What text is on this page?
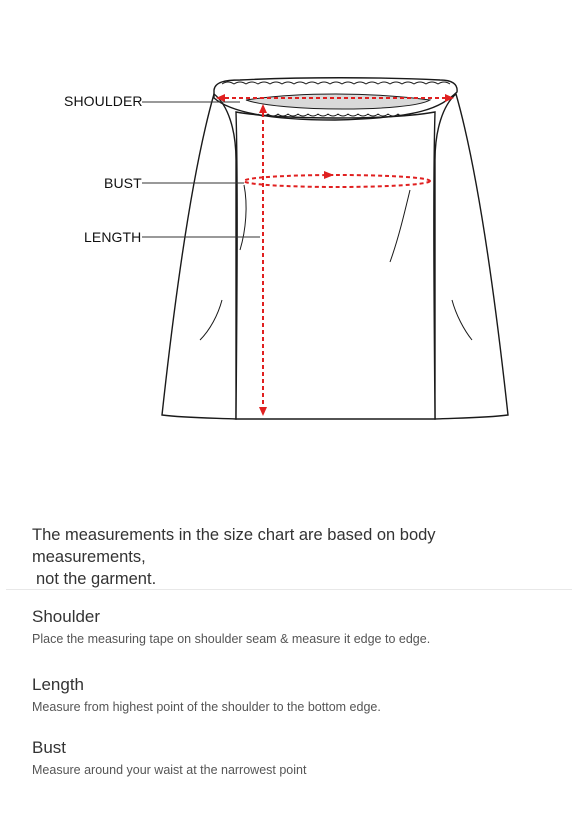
SHOULDER
BUST
LENGTH
The measurements in the size chart are based on body measurements,
not the garment.
Shoulder
Place the measuring tape on shoulder seam & measure it edge to edge.
Length
Measure from highest point of the shoulder to the bottom edge.
Bust
Measure around your waist at the narrowest point
